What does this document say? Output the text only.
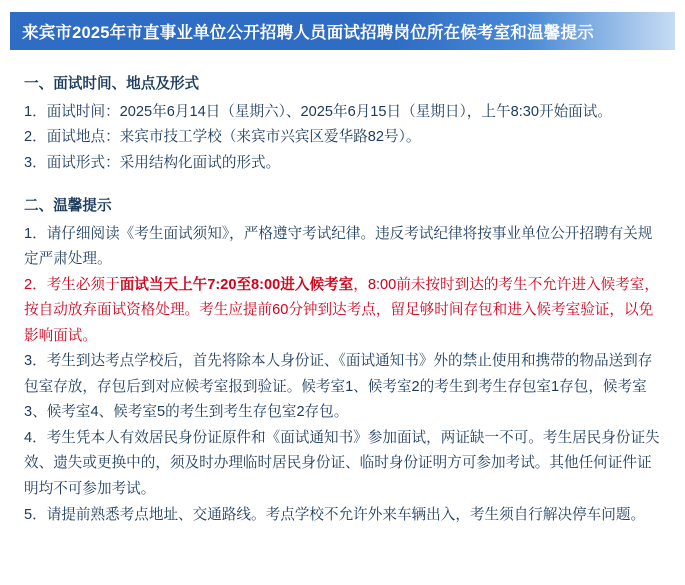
来宾市2025年市直事业单位公开招聘人员面试招聘岗位所在候考室和温馨提示
一、面试时间、地点及形式

1．面试时间：2025年6月14日（星期六）、2025年6月15日（星期日），上午8:30开始面试。

2．面试地点：来宾市技工学校（来宾市兴宾区爱华路82号）。

3．面试形式：采用结构化面试的形式。

二、温馨提示

1．请仔细阅读《考生面试须知》，严格遵守考试纪律。违反考试纪律将按事业单位公开招聘有关规定严肃处理。

2．考生必须于面试当天上午7:20至8:00进入候考室，8:00前未按时到达的考生不允许进入候考室，按自动放弃面试资格处理。考生应提前60分钟到达考点，留足够时间存包和进入候考室验证，以免影响面试。

3．考生到达考点学校后，首先将除本人身份证、《面试通知书》外的禁止使用和携带的物品送到存包室存放，存包后到对应候考室报到验证。候考室1、候考室2的考生到考生存包室1存包，候考室3、候考室4、候考室5的考生到考生存包室2存包。

4．考生凭本人有效居民身份证原件和《面试通知书》参加面试，两证缺一不可。考生居民身份证失效、遗失或更换中的，须及时办理临时居民身份证、临时身份证明方可参加考试。其他任何证件证明均不可参加考试。

5．请提前熟悉考点地址、交通路线。考点学校不允许外来车辆出入，考生须自行解决停车问题。
